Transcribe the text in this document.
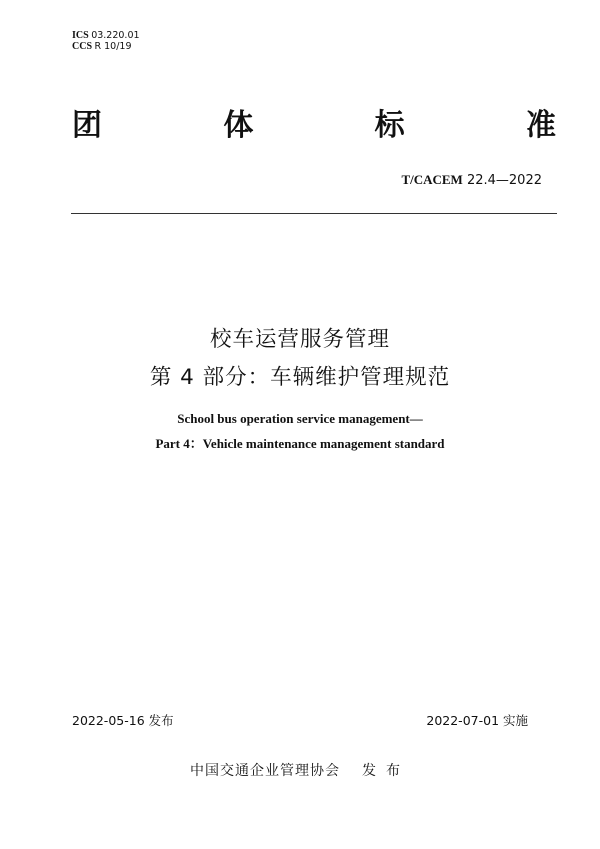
ICS 03.220.01
CCS R 10/19
团	体	标	准
T/CACEM 22.4—2022
校车运营服务管理
第 4 部分：车辆维护管理规范
School bus operation service management—
Part 4：Vehicle maintenance management standard
2022-05-16 发布	2022-07-01 实施
中国交通企业管理协会 发布
